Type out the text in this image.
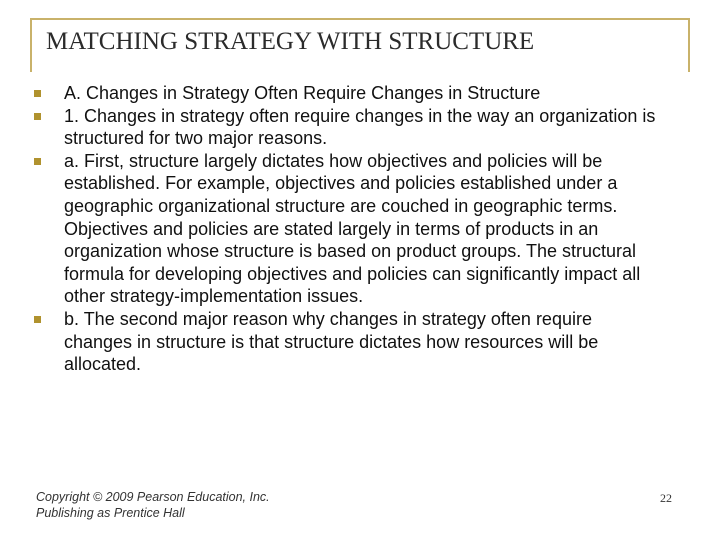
MATCHING STRATEGY WITH STRUCTURE
A. Changes in Strategy Often Require Changes in Structure
1. Changes in strategy often require changes in the way an organization is structured for two major reasons.
a. First, structure largely dictates how objectives and policies will be established. For example, objectives and policies established under a geographic organizational structure are couched in geographic terms. Objectives and policies are stated largely in terms of products in an organization whose structure is based on product groups. The structural formula for developing objectives and policies can significantly impact all other strategy-implementation issues.
b. The second major reason why changes in strategy often require changes in structure is that structure dictates how resources will be allocated.
Copyright © 2009 Pearson Education, Inc.
Publishing as Prentice Hall
22
